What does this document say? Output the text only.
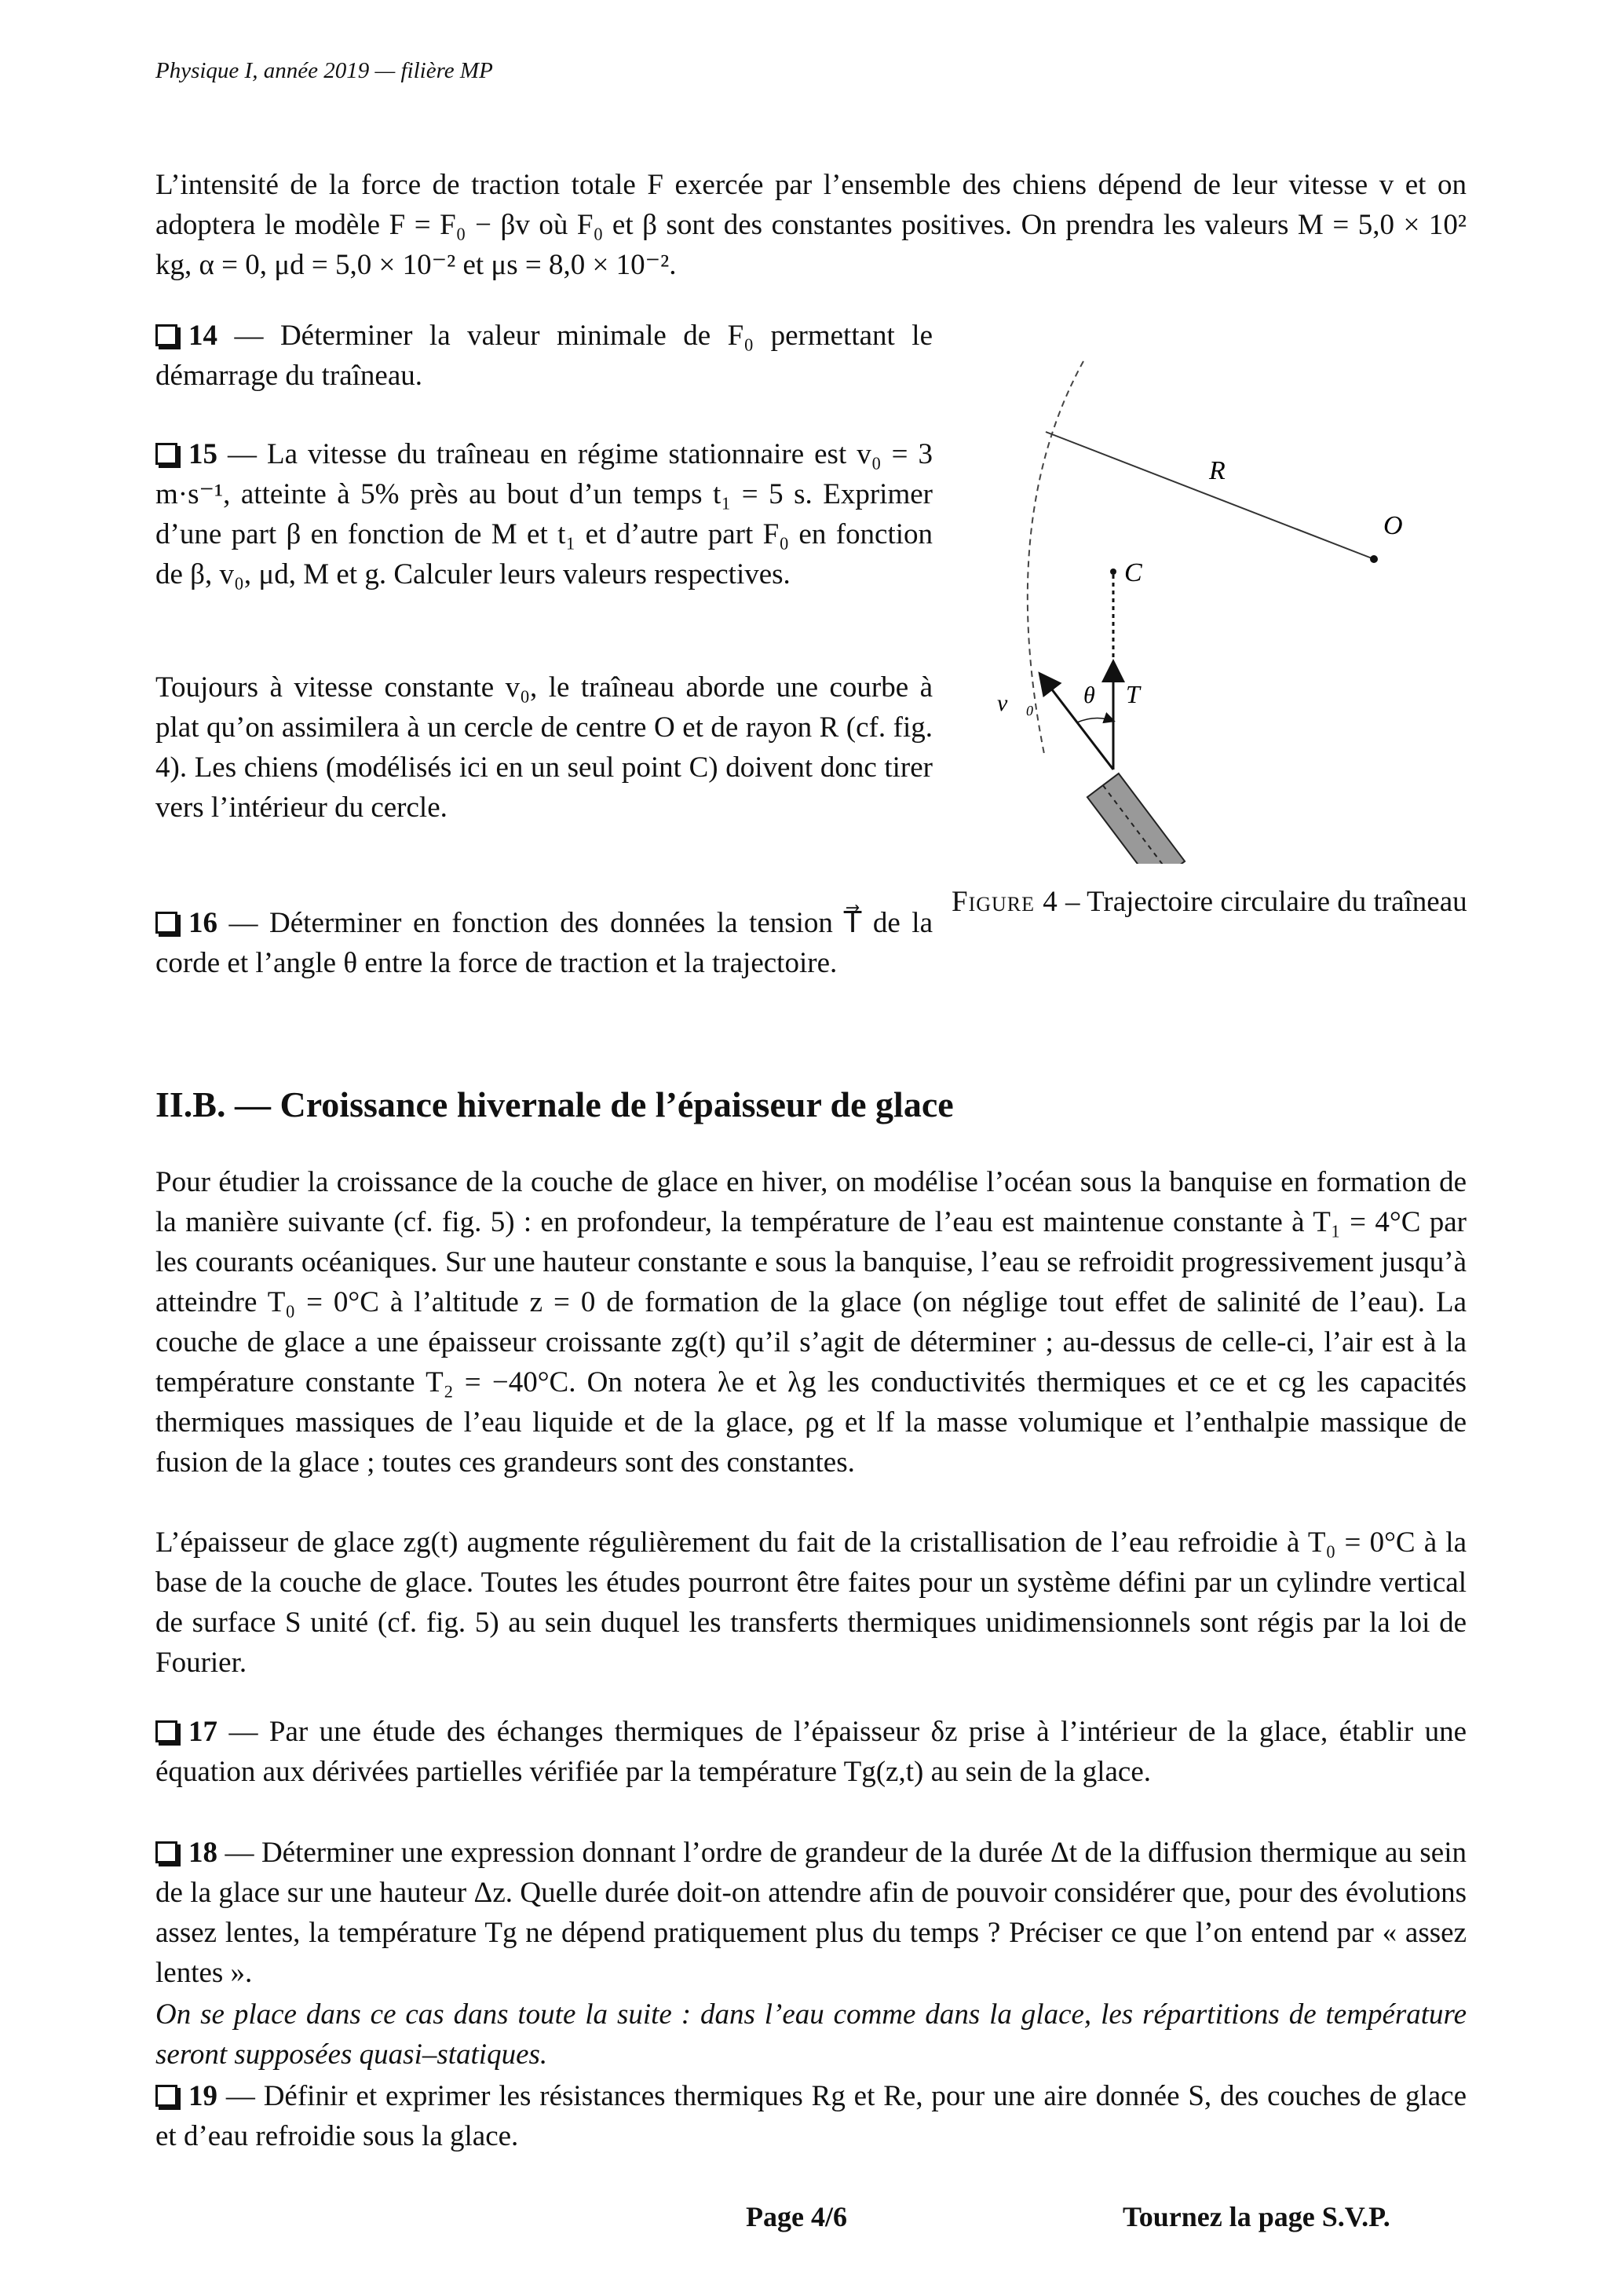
Physique I, année 2019 — filière MP
L’intensité de la force de traction totale F exercée par l’ensemble des chiens dépend de leur vitesse v et on adoptera le modèle F = F₀ − βv où F₀ et β sont des constantes positives. On prendra les valeurs M = 5,0 × 10² kg, α = 0, μd = 5,0 × 10⁻² et μs = 8,0 × 10⁻².
14 — Déterminer la valeur minimale de F₀ permettant le démarrage du traîneau.
15 — La vitesse du traîneau en régime stationnaire est v₀ = 3 m·s⁻¹, atteinte à 5% près au bout d’un temps t₁ = 5 s. Exprimer d’une part β en fonction de M et t₁ et d’autre part F₀ en fonction de β, v₀, μd, M et g. Calculer leurs valeurs respectives.
Toujours à vitesse constante v₀, le traîneau aborde une courbe à plat qu’on assimilera à un cercle de centre O et de rayon R (cf. fig. 4). Les chiens (modélisés ici en un seul point C) doivent donc tirer vers l’intérieur du cercle.
16 — Déterminer en fonction des données la tension T⃗ de la corde et l’angle θ entre la force de traction et la trajectoire.
R
O
C
θ
v⃗₀	T⃗
Figure 4 – Trajectoire circulaire du traîneau
II.B. — Croissance hivernale de l’épaisseur de glace
Pour étudier la croissance de la couche de glace en hiver, on modélise l’océan sous la banquise en formation de la manière suivante (cf. fig. 5) : en profondeur, la température de l’eau est maintenue constante à T₁ = 4°C par les courants océaniques. Sur une hauteur constante e sous la banquise, l’eau se refroidit progressivement jusqu’à atteindre T₀ = 0°C à l’altitude z = 0 de formation de la glace (on néglige tout effet de salinité de l’eau). La couche de glace a une épaisseur croissante zg(t) qu’il s’agit de déterminer ; au-dessus de celle-ci, l’air est à la température constante T₂ = −40°C. On notera λe et λg les conductivités thermiques et ce et cg les capacités thermiques massiques de l’eau liquide et de la glace, ρg et lf la masse volumique et l’enthalpie massique de fusion de la glace ; toutes ces grandeurs sont des constantes.
L’épaisseur de glace zg(t) augmente régulièrement du fait de la cristallisation de l’eau refroidie à T₀ = 0°C à la base de la couche de glace. Toutes les études pourront être faites pour un système défini par un cylindre vertical de surface S unité (cf. fig. 5) au sein duquel les transferts thermiques unidimensionnels sont régis par la loi de Fourier.
17 — Par une étude des échanges thermiques de l’épaisseur δz prise à l’intérieur de la glace, établir une équation aux dérivées partielles vérifiée par la température Tg(z,t) au sein de la glace.
18 — Déterminer une expression donnant l’ordre de grandeur de la durée Δt de la diffusion thermique au sein de la glace sur une hauteur Δz. Quelle durée doit-on attendre afin de pouvoir considérer que, pour des évolutions assez lentes, la température Tg ne dépend pratiquement plus du temps ? Préciser ce que l’on entend par « assez lentes ».
On se place dans ce cas dans toute la suite : dans l’eau comme dans la glace, les répartitions de température seront supposées quasi–statiques.
19 — Définir et exprimer les résistances thermiques Rg et Re, pour une aire donnée S, des couches de glace et d’eau refroidie sous la glace.
Page 4/6	Tournez la page S.V.P.
